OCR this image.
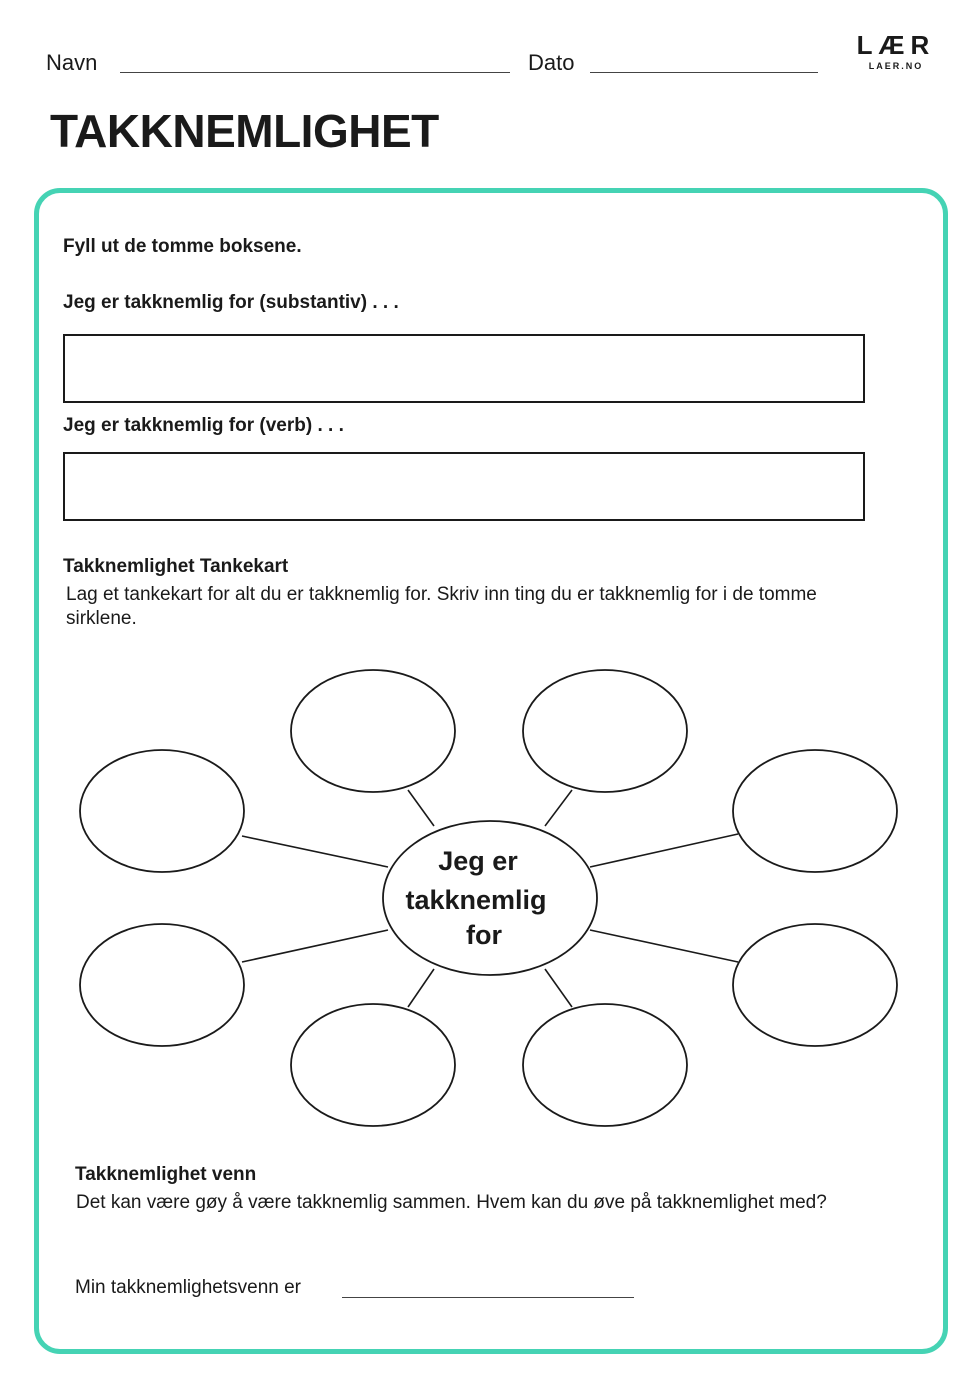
Navn	Dato
LÆR
LAER.NO
TAKKNEMLIGHET
Fyll ut de tomme boksene.
Jeg er takknemlig for (substantiv) . . .
Jeg er takknemlig for (verb) . . .
Takknemlighet Tankekart
Lag et tankekart for alt du er takknemlig for. Skriv inn ting du er takknemlig for i de tomme sirklene.
Jeg er
takknemlig
for
Takknemlighet venn
Det kan være gøy å være takknemlig sammen. Hvem kan du øve på takknemlighet med?
Min takknemlighetsvenn er
